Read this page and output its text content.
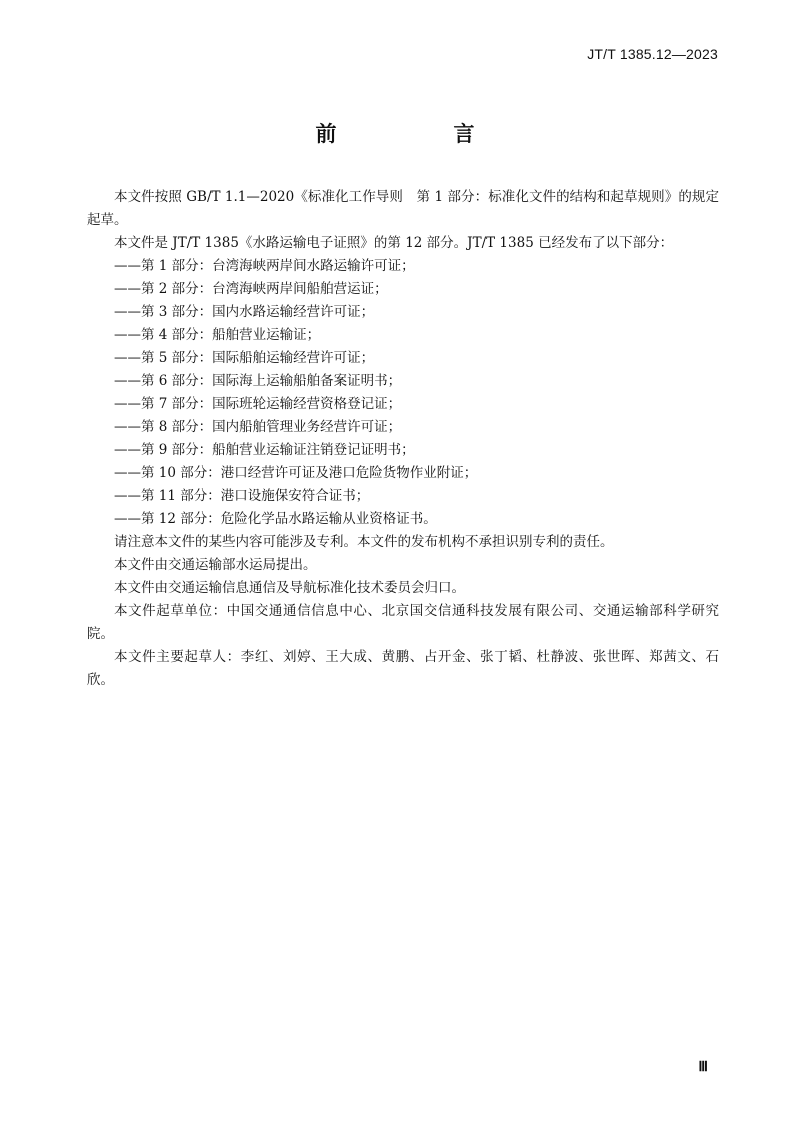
JT/T 1385.12—2023
前　言

本文件按照 GB/T 1.1—2020《标准化工作导则　第 1 部分：标准化文件的结构和起草规则》的规定起草。

本文件是 JT/T 1385《水路运输电子证照》的第 12 部分。JT/T 1385 已经发布了以下部分：

——第 1 部分：台湾海峡两岸间水路运输许可证；

——第 2 部分：台湾海峡两岸间船舶营运证；

——第 3 部分：国内水路运输经营许可证；

——第 4 部分：船舶营业运输证；

——第 5 部分：国际船舶运输经营许可证；

——第 6 部分：国际海上运输船舶备案证明书；

——第 7 部分：国际班轮运输经营资格登记证；

——第 8 部分：国内船舶管理业务经营许可证；

——第 9 部分：船舶营业运输证注销登记证明书；

——第 10 部分：港口经营许可证及港口危险货物作业附证；

——第 11 部分：港口设施保安符合证书；

——第 12 部分：危险化学品水路运输从业资格证书。

请注意本文件的某些内容可能涉及专利。本文件的发布机构不承担识别专利的责任。

本文件由交通运输部水运局提出。

本文件由交通运输信息通信及导航标准化技术委员会归口。

本文件起草单位：中国交通通信信息中心、北京国交信通科技发展有限公司、交通运输部科学研究院。

本文件主要起草人：李红、刘婷、王大成、黄鹏、占开金、张丁韬、杜静波、张世晖、郑茜文、石欣。

Ⅲ
